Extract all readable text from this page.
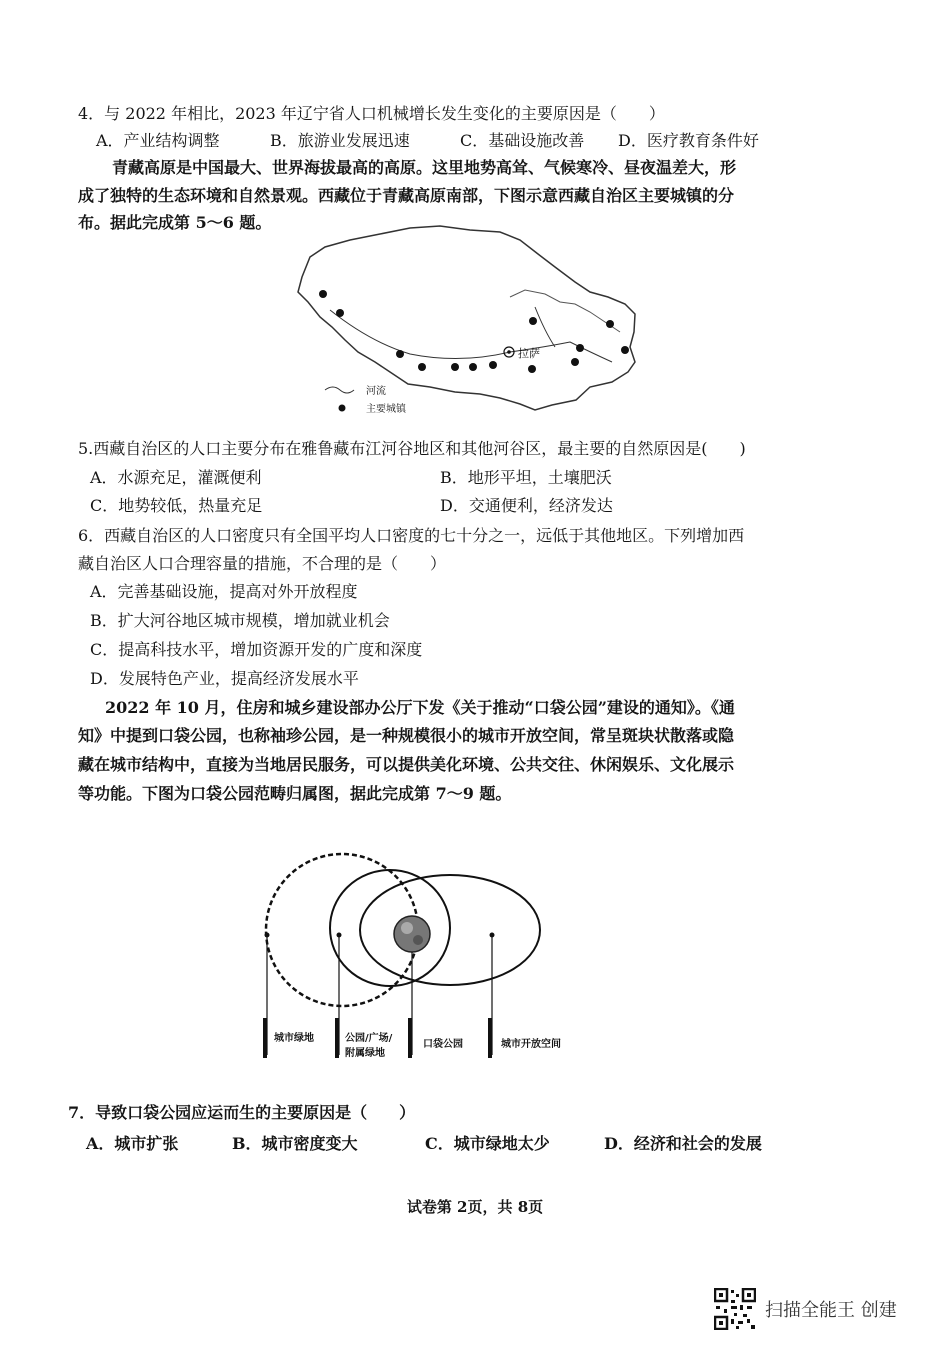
4．与 2022 年相比，2023 年辽宁省人口机械增长发生变化的主要原因是（　　）
A．产业结构调整	B．旅游业发展迅速	C．基础设施改善 D．医疗教育条件好
青藏高原是中国最大、世界海拔最高的高原。这里地势高耸、气候寒冷、昼夜温差大，形
成了独特的生态环境和自然景观。西藏位于青藏高原南部，下图示意西藏自治区主要城镇的分
布。据此完成第 5～6 题。
拉萨
河流
主要城镇
5.西藏自治区的人口主要分布在雅鲁藏布江河谷地区和其他河谷区，最主要的自然原因是(　　)
A．水源充足，灌溉便利	B．地形平坦，土壤肥沃
C．地势较低，热量充足	D．交通便利，经济发达
6．西藏自治区的人口密度只有全国平均人口密度的七十分之一，远低于其他地区。下列增加西
藏自治区人口合理容量的措施，不合理的是（　　）
A．完善基础设施，提高对外开放程度
B．扩大河谷地区城市规模，增加就业机会
C．提高科技水平，增加资源开发的广度和深度
D．发展特色产业，提高经济发展水平
2022 年 10 月，住房和城乡建设部办公厅下发《关于推动“口袋公园”建设的通知》。《通
知》中提到口袋公园，也称袖珍公园，是一种规模很小的城市开放空间，常呈斑块状散落或隐
藏在城市结构中，直接为当地居民服务，可以提供美化环境、公共交往、休闲娱乐、文化展示
等功能。下图为口袋公园范畴归属图，据此完成第 7～9 题。
城市绿地	公园/广场/
附属绿地
口袋公园	城市开放空间
7．导致口袋公园应运而生的主要原因是（　　）
A．城市扩张	B．城市密度变大	C．城市绿地太少	D．经济和社会的发展
试卷第 2页，共 8页
扫描全能王 创建
